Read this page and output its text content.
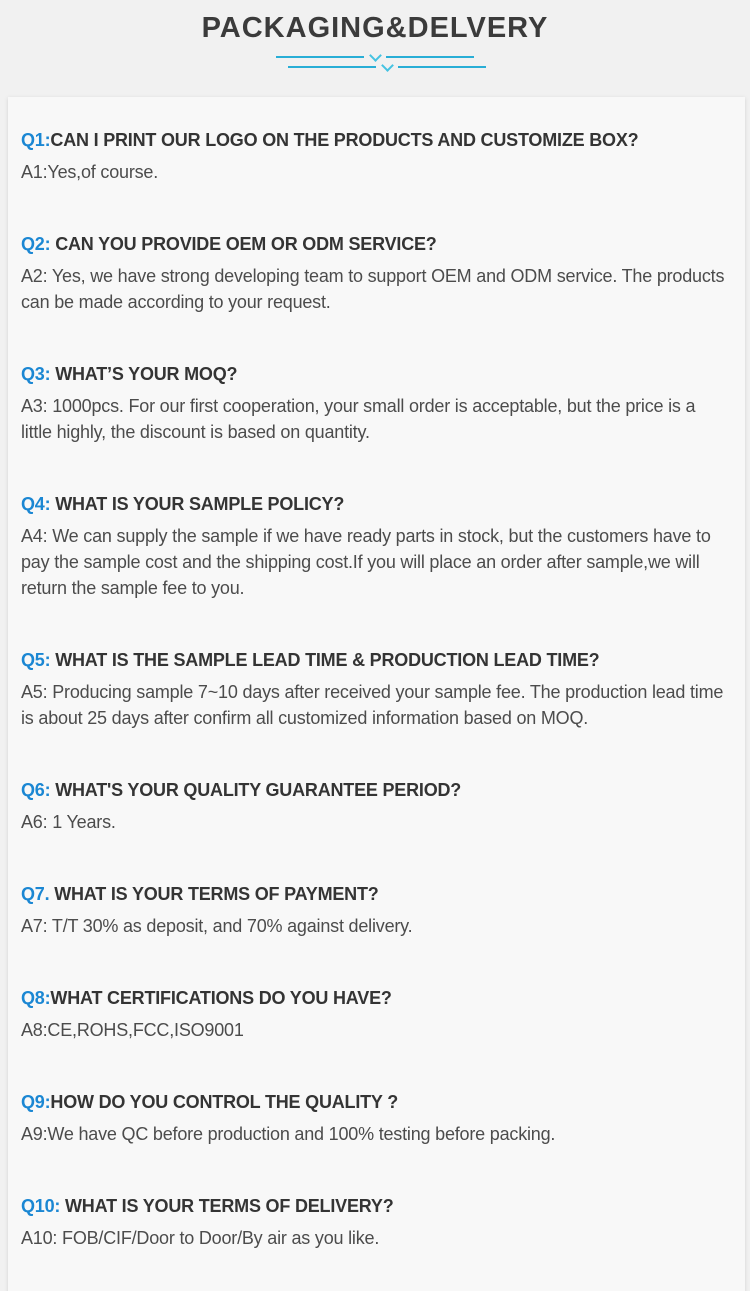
PACKAGING&DELVERY
Q1:CAN I PRINT OUR LOGO ON THE PRODUCTS AND CUSTOMIZE BOX?

A1:Yes,of course.

Q2: CAN YOU PROVIDE OEM OR ODM SERVICE?

A2: Yes, we have strong developing team to support OEM and ODM service. The products can be made according to your request.

Q3: WHAT’S YOUR MOQ?

A3: 1000pcs. For our first cooperation, your small order is acceptable, but the price is a little highly, the discount is based on quantity.

Q4: WHAT IS YOUR SAMPLE POLICY?

A4: We can supply the sample if we have ready parts in stock, but the customers have to pay the sample cost and the shipping cost.If you will place an order after sample,we will return the sample fee to you.

Q5: WHAT IS THE SAMPLE LEAD TIME & PRODUCTION LEAD TIME?

A5: Producing sample 7~10 days after received your sample fee. The production lead time is about 25 days after confirm all customized information based on MOQ.

Q6: WHAT'S YOUR QUALITY GUARANTEE PERIOD?

A6: 1 Years.

Q7. WHAT IS YOUR TERMS OF PAYMENT?

A7: T/T 30% as deposit, and 70% against delivery.

Q8:WHAT CERTIFICATIONS DO YOU HAVE?

A8:CE,ROHS,FCC,ISO9001

Q9:HOW DO YOU CONTROL THE QUALITY ?

A9:We have QC before production and 100% testing before packing.

Q10: WHAT IS YOUR TERMS OF DELIVERY?

A10: FOB/CIF/Door to Door/By air as you like.
